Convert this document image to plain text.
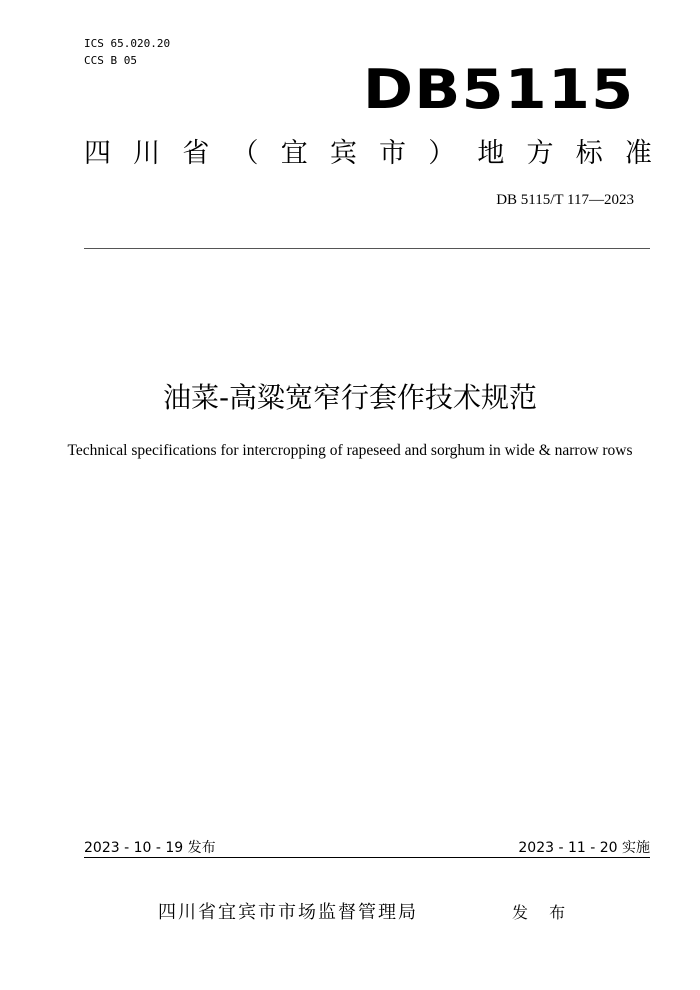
ICS 65.020.20
CCS B 05	DB5115
四 川 省 （ 宜 宾 市 ） 地 方 标 准
DB 5115/T 117—2023
油菜-高粱宽窄行套作技术规范
Technical specifications for intercropping of rapeseed and sorghum in wide & narrow rows
2023 - 10 - 19 发布	2023 - 11 - 20 实施
四川省宜宾市市场监督管理局	发 布
